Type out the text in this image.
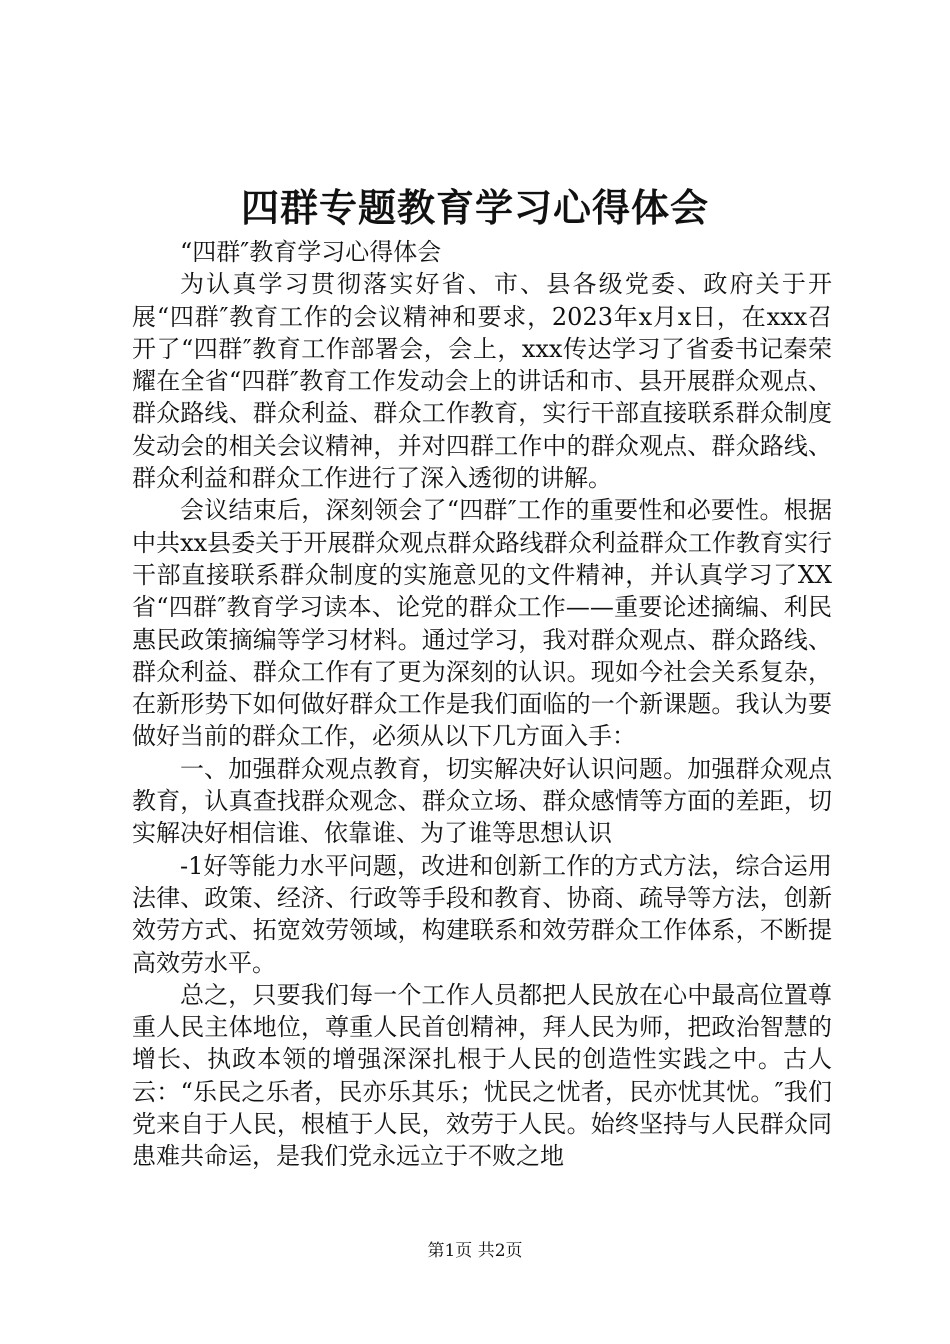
四群专题教育学习心得体会

“四群″教育学习心得体会

为认真学习贯彻落实好省、市、县各级党委、政府关于开展“四群″教育工作的会议精神和要求，2023年x月x日，在xxx召开了“四群″教育工作部署会，会上，xxx传达学习了省委书记秦荣耀在全省“四群″教育工作发动会上的讲话和市、县开展群众观点、群众路线、群众利益、群众工作教育，实行干部直接联系群众制度发动会的相关会议精神，并对四群工作中的群众观点、群众路线、群众利益和群众工作进行了深入透彻的讲解。

会议结束后，深刻领会了“四群″工作的重要性和必要性。根据中共xx县委关于开展群众观点群众路线群众利益群众工作教育实行干部直接联系群众制度的实施意见的文件精神，并认真学习了XX省“四群″教育学习读本、论党的群众工作——重要论述摘编、利民惠民政策摘编等学习材料。通过学习，我对群众观点、群众路线、群众利益、群众工作有了更为深刻的认识。现如今社会关系复杂，在新形势下如何做好群众工作是我们面临的一个新课题。我认为要做好当前的群众工作，必须从以下几方面入手：

一、加强群众观点教育，切实解决好认识问题。加强群众观点教育，认真查找群众观念、群众立场、群众感情等方面的差距，切实解决好相信谁、依靠谁、为了谁等思想认识

-1好等能力水平问题，改进和创新工作的方式方法，综合运用法律、政策、经济、行政等手段和教育、协商、疏导等方法，创新效劳方式、拓宽效劳领域，构建联系和效劳群众工作体系，不断提高效劳水平。

总之，只要我们每一个工作人员都把人民放在心中最高位置尊重人民主体地位，尊重人民首创精神，拜人民为师，把政治智慧的增长、执政本领的增强深深扎根于人民的创造性实践之中。古人云：“乐民之乐者，民亦乐其乐；忧民之忧者，民亦忧其忧。″我们党来自于人民，根植于人民，效劳于人民。始终坚持与人民群众同患难共命运，是我们党永远立于不败之地

第1页 共2页
